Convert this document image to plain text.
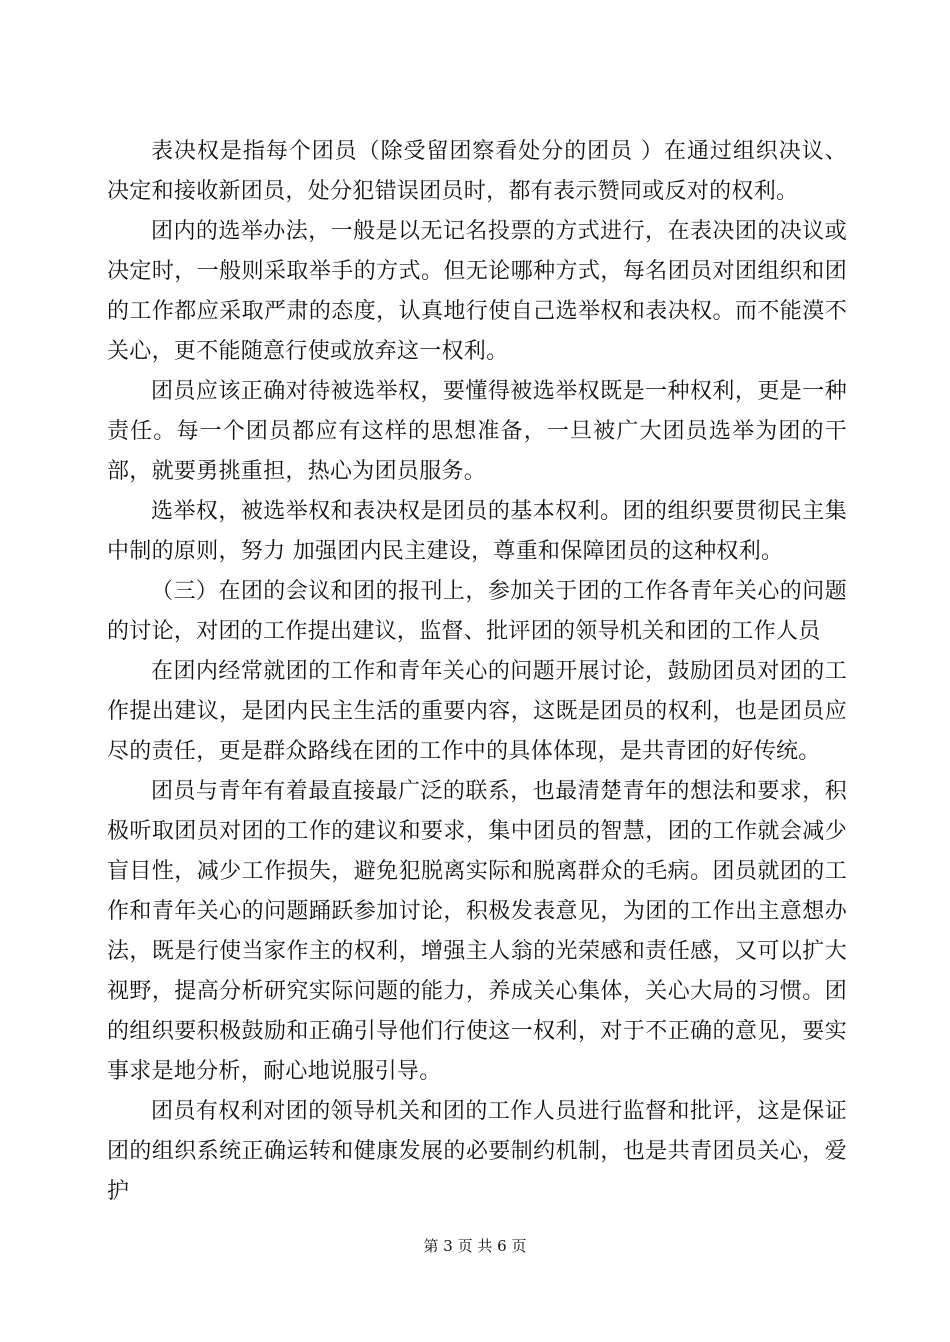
表决权是指每个团员（除受留团察看处分的团员 ）在通过组织决议、决定和接收新团员，处分犯错误团员时，都有表示赞同或反对的权利。

团内的选举办法，一般是以无记名投票的方式进行，在表决团的决议或决定时，一般则采取举手的方式。但无论哪种方式，每名团员对团组织和团的工作都应采取严肃的态度，认真地行使自己选举权和表决权。而不能漠不关心，更不能随意行使或放弃这一权利。

团员应该正确对待被选举权，要懂得被选举权既是一种权利，更是一种责任。每一个团员都应有这样的思想准备，一旦被广大团员选举为团的干部，就要勇挑重担，热心为团员服务。

选举权，被选举权和表决权是团员的基本权利。团的组织要贯彻民主集中制的原则，努力 加强团内民主建设，尊重和保障团员的这种权利。

（三）在团的会议和团的报刊上，参加关于团的工作各青年关心的问题的讨论，对团的工作提出建议，监督、批评团的领导机关和团的工作人员

在团内经常就团的工作和青年关心的问题开展讨论，鼓励团员对团的工作提出建议，是团内民主生活的重要内容，这既是团员的权利，也是团员应尽的责任，更是群众路线在团的工作中的具体体现，是共青团的好传统。

团员与青年有着最直接最广泛的联系，也最清楚青年的想法和要求，积极听取团员对团的工作的建议和要求，集中团员的智慧，团的工作就会减少盲目性，减少工作损失，避免犯脱离实际和脱离群众的毛病。团员就团的工作和青年关心的问题踊跃参加讨论，积极发表意见，为团的工作出主意想办法，既是行使当家作主的权利，增强主人翁的光荣感和责任感，又可以扩大视野，提高分析研究实际问题的能力，养成关心集体，关心大局的习惯。团的组织要积极鼓励和正确引导他们行使这一权利，对于不正确的意见，要实事求是地分析，耐心地说服引导。

团员有权利对团的领导机关和团的工作人员进行监督和批评，这是保证团的组织系统正确运转和健康发展的必要制约机制，也是共青团员关心，爱护

第 3 页 共 6 页
